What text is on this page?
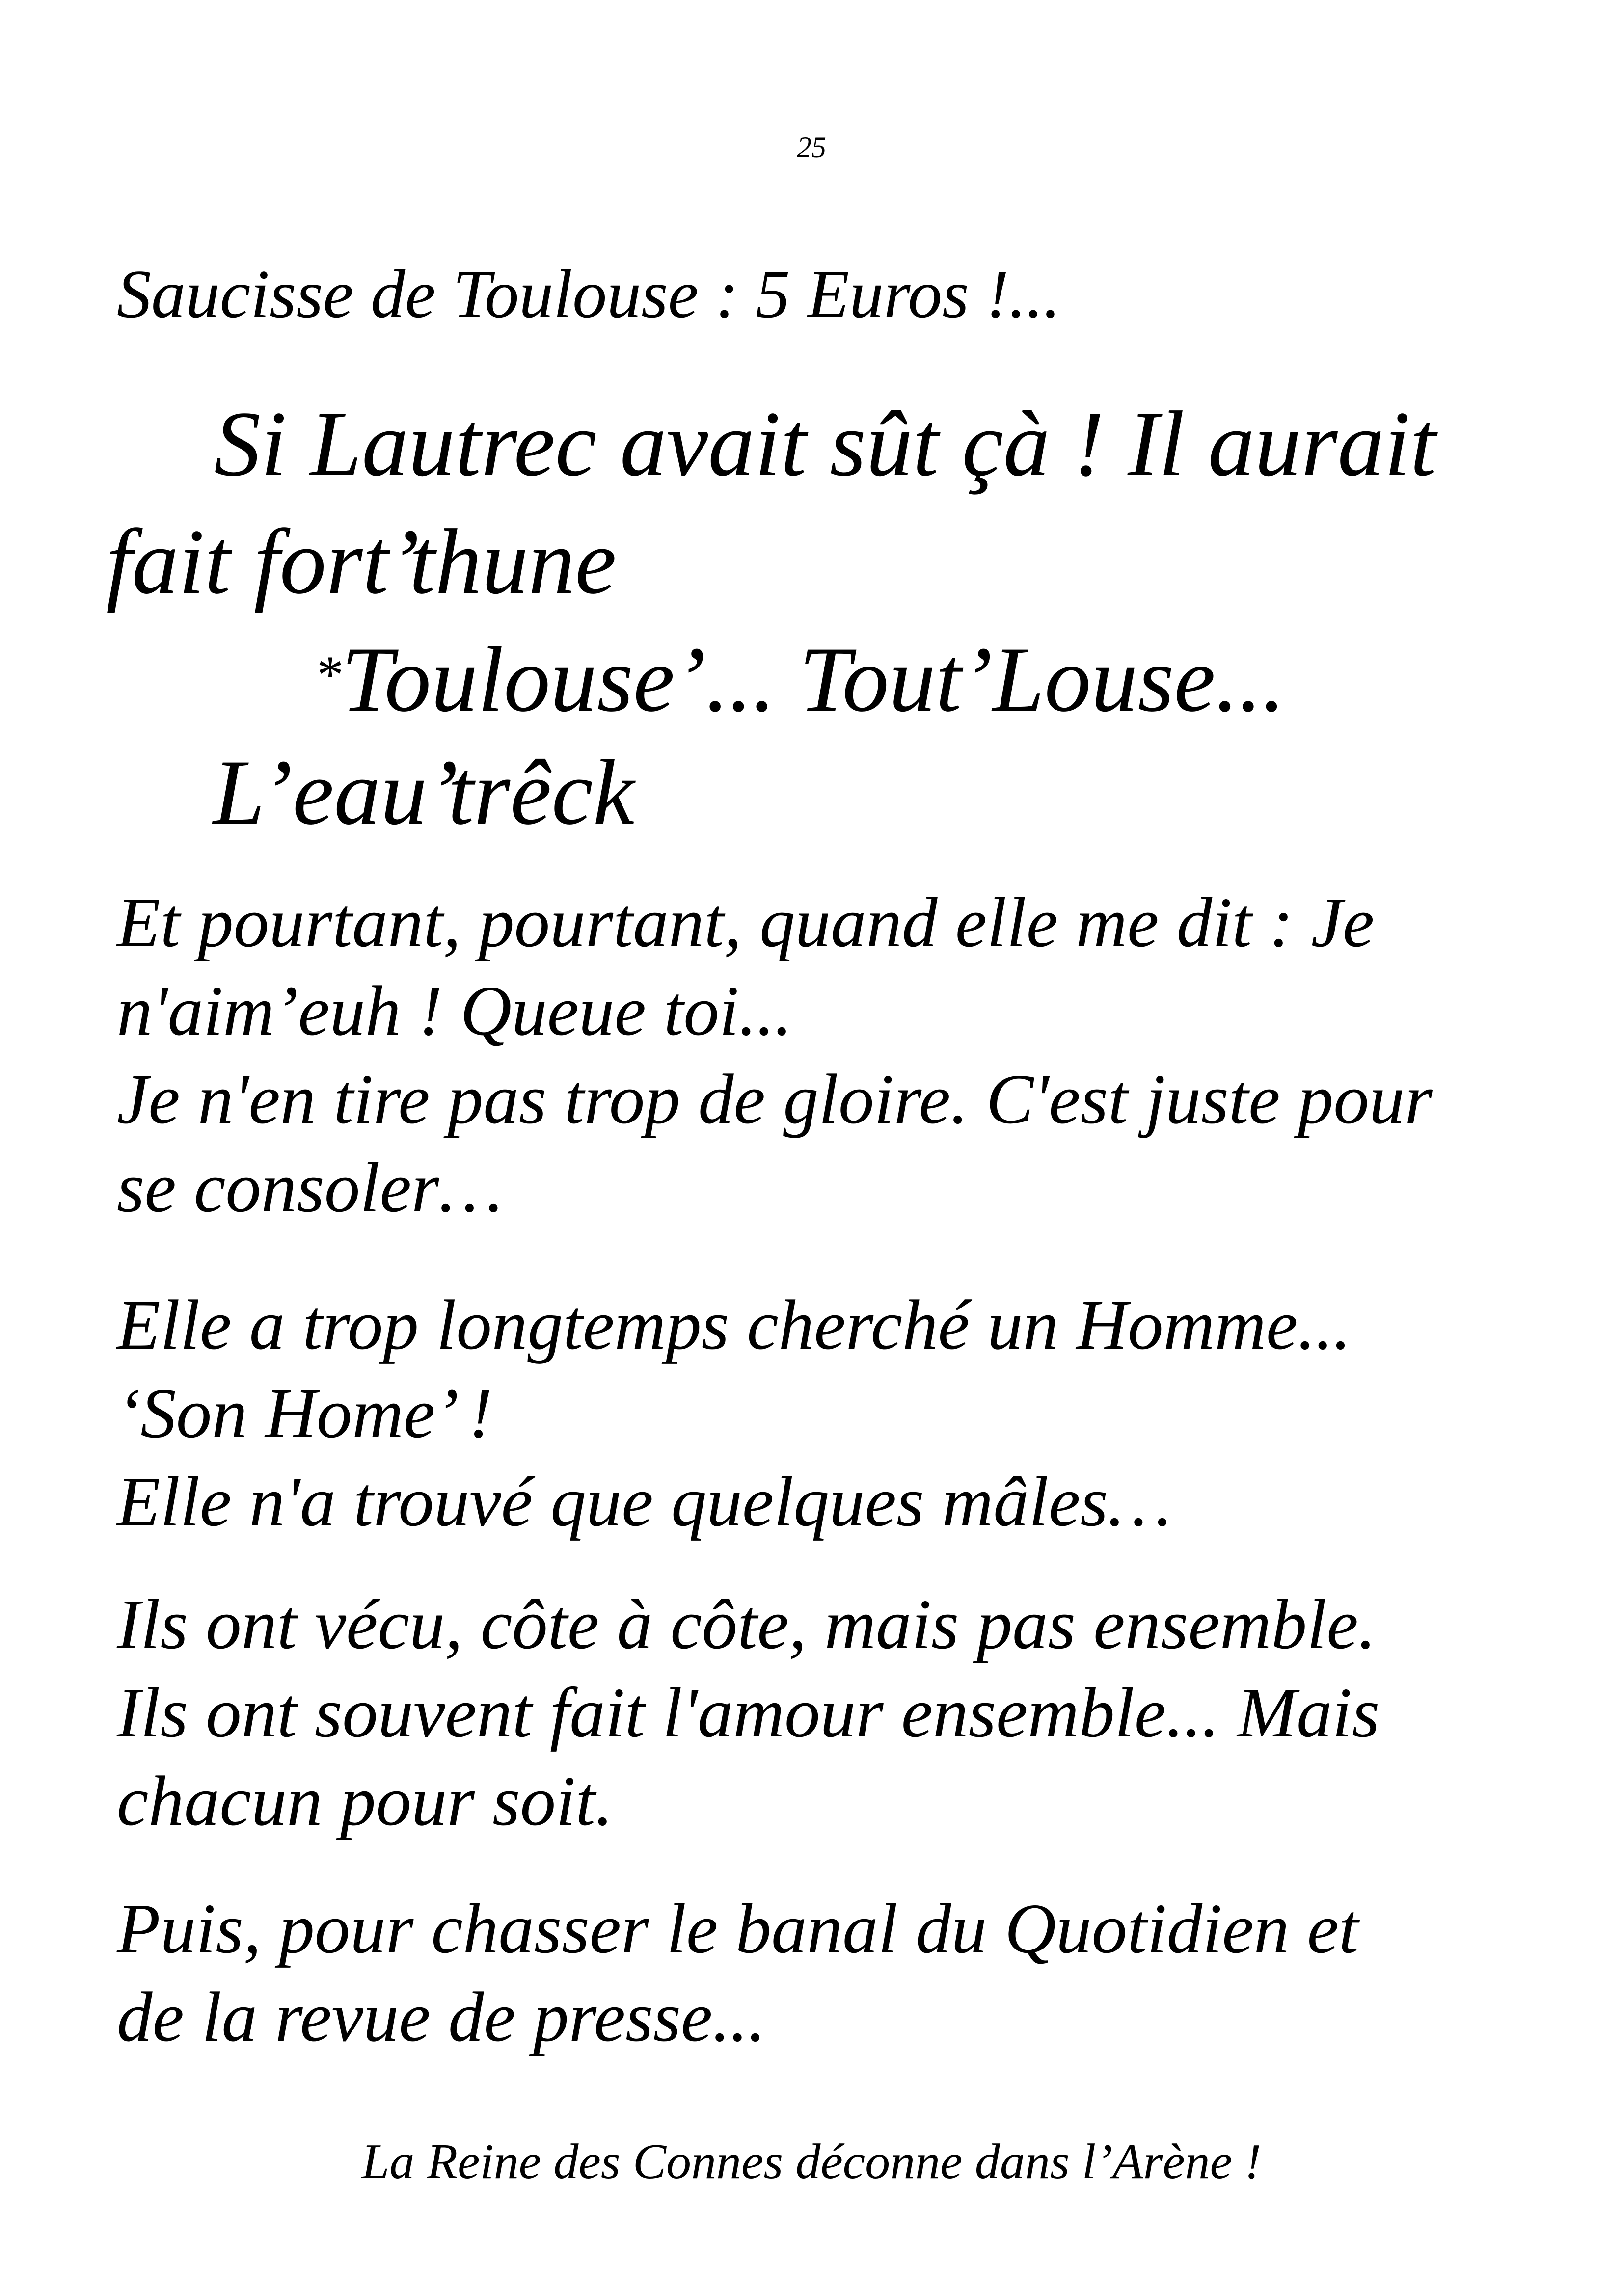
25
Saucisse de Toulouse : 5 Euros !...
Si Lautrec avait sût çà ! Il aurait
fait fort’thune
*Toulouse’... Tout’Louse...
L’eau’trêck
Et pourtant, pourtant, quand elle me dit : Je
n'aim’euh ! Queue toi...
Je n'en tire pas trop de gloire. C'est juste pour
se consoler…
Elle a trop longtemps cherché un Homme...
‘Son Home’ !
Elle n'a trouvé que quelques mâles…
Ils ont vécu, côte à côte, mais pas ensemble.
Ils ont souvent fait l'amour ensemble... Mais
chacun pour soit.
Puis, pour chasser le banal du Quotidien et
de la revue de presse...
La Reine des Connes déconne dans l’Arène !
